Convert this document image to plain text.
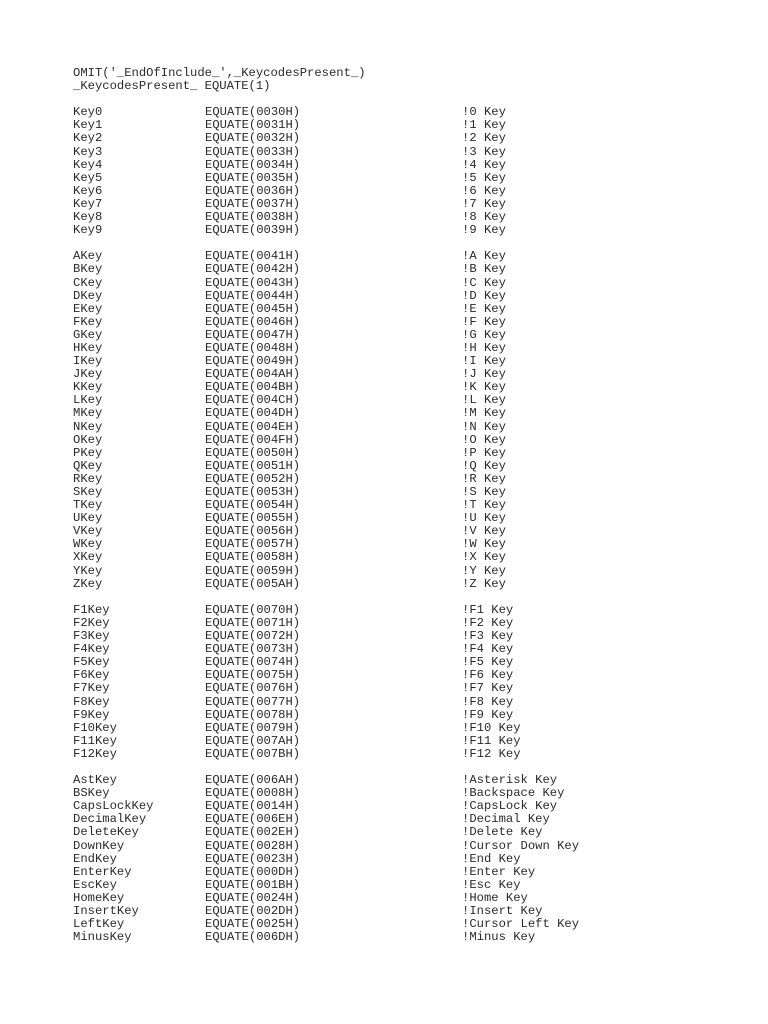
OMIT('_EndOfInclude_',_KeycodesPresent_)
_KeycodesPresent_ EQUATE(1)
Key0	EQUATE(0030H)	!0 Key
Key1	EQUATE(0031H)	!1 Key
Key2	EQUATE(0032H)	!2 Key
Key3	EQUATE(0033H)	!3 Key
Key4	EQUATE(0034H)	!4 Key
Key5	EQUATE(0035H)	!5 Key
Key6	EQUATE(0036H)	!6 Key
Key7	EQUATE(0037H)	!7 Key
Key8	EQUATE(0038H)	!8 Key
Key9	EQUATE(0039H)	!9 Key
AKey	EQUATE(0041H)	!A Key
BKey	EQUATE(0042H)	!B Key
CKey	EQUATE(0043H)	!C Key
DKey	EQUATE(0044H)	!D Key
EKey	EQUATE(0045H)	!E Key
FKey	EQUATE(0046H)	!F Key
GKey	EQUATE(0047H)	!G Key
HKey	EQUATE(0048H)	!H Key
IKey	EQUATE(0049H)	!I Key
JKey	EQUATE(004AH)	!J Key
KKey	EQUATE(004BH)	!K Key
LKey	EQUATE(004CH)	!L Key
MKey	EQUATE(004DH)	!M Key
NKey	EQUATE(004EH)	!N Key
OKey	EQUATE(004FH)	!O Key
PKey	EQUATE(0050H)	!P Key
QKey	EQUATE(0051H)	!Q Key
RKey	EQUATE(0052H)	!R Key
SKey	EQUATE(0053H)	!S Key
TKey	EQUATE(0054H)	!T Key
UKey	EQUATE(0055H)	!U Key
VKey	EQUATE(0056H)	!V Key
WKey	EQUATE(0057H)	!W Key
XKey	EQUATE(0058H)	!X Key
YKey	EQUATE(0059H)	!Y Key
ZKey	EQUATE(005AH)	!Z Key
F1Key	EQUATE(0070H)	!F1 Key
F2Key	EQUATE(0071H)	!F2 Key
F3Key	EQUATE(0072H)	!F3 Key
F4Key	EQUATE(0073H)	!F4 Key
F5Key	EQUATE(0074H)	!F5 Key
F6Key	EQUATE(0075H)	!F6 Key
F7Key	EQUATE(0076H)	!F7 Key
F8Key	EQUATE(0077H)	!F8 Key
F9Key	EQUATE(0078H)	!F9 Key
F10Key	EQUATE(0079H)	!F10 Key
F11Key	EQUATE(007AH)	!F11 Key
F12Key	EQUATE(007BH)	!F12 Key
AstKey	EQUATE(006AH)	!Asterisk Key
BSKey	EQUATE(0008H)	!Backspace Key
CapsLockKey	EQUATE(0014H)	!CapsLock Key
DecimalKey	EQUATE(006EH)	!Decimal Key
DeleteKey	EQUATE(002EH)	!Delete Key
DownKey	EQUATE(0028H)	!Cursor Down Key
EndKey	EQUATE(0023H)	!End Key
EnterKey	EQUATE(000DH)	!Enter Key
EscKey	EQUATE(001BH)	!Esc Key
HomeKey	EQUATE(0024H)	!Home Key
InsertKey	EQUATE(002DH)	!Insert Key
LeftKey	EQUATE(0025H)	!Cursor Left Key
MinusKey	EQUATE(006DH)	!Minus Key
